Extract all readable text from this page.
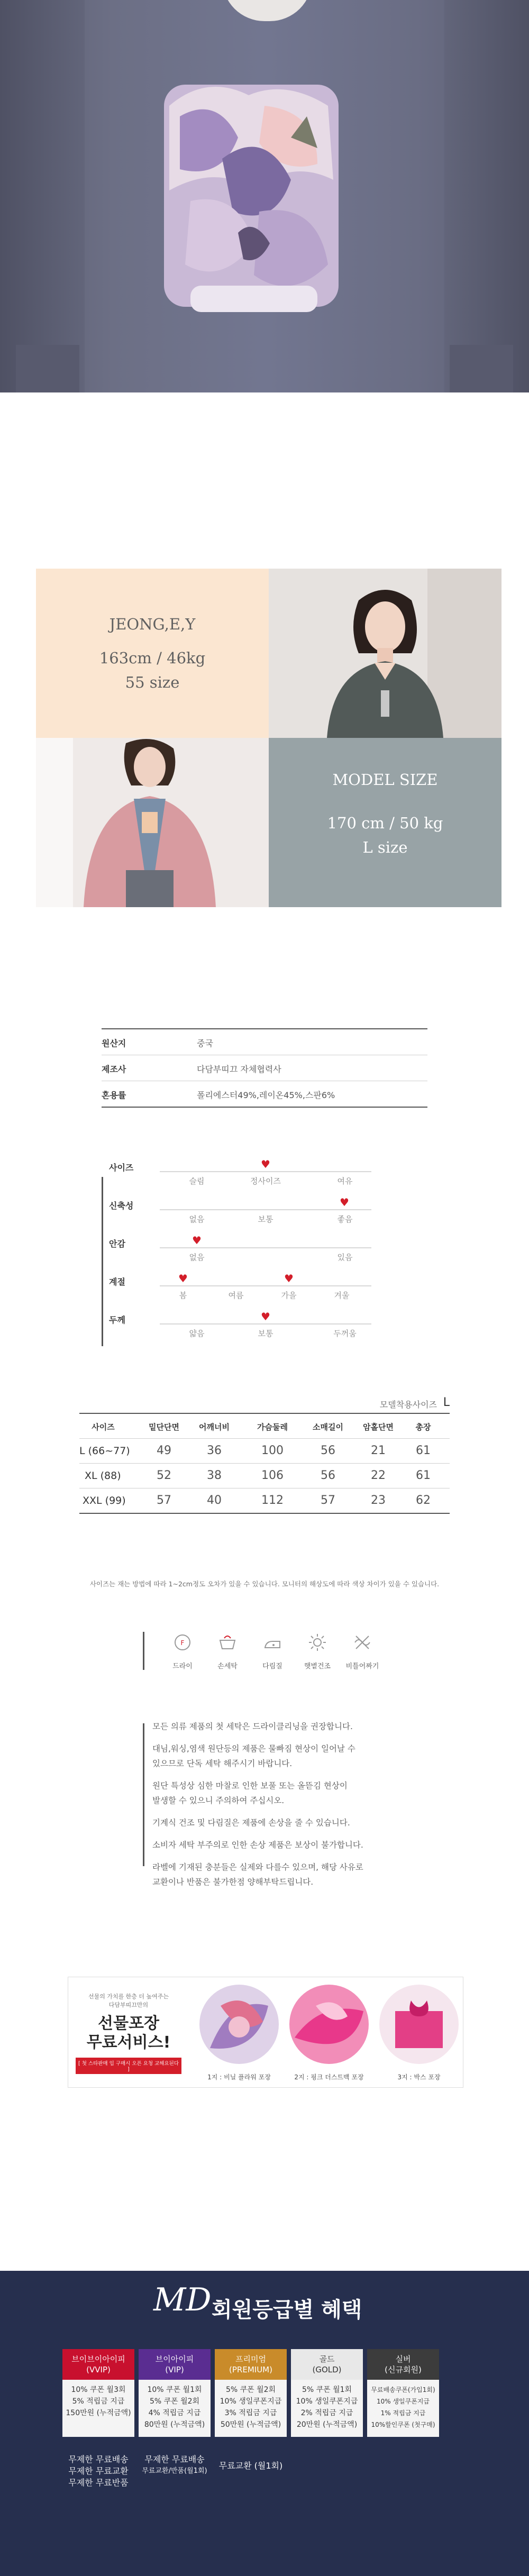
JEONG,E,Y
163cm / 46kg
55 size
MODEL SIZE
170 cm / 50 kg
L size
원산지	중국
제조사	다담부띠끄 자체협력사
혼용률	폴리에스터49%,레이온45%,스판6%
사이즈	♥
슬림	정사이즈	여유
신축성	♥
없음	보통	좋음
안감	♥
없음	있음
계절	♥	♥
봄	여름	가을	겨울
두께	♥
얇음	보통	두꺼움
모델착용사이즈 L
사이즈	밑단단면	어깨너비	가슴둘레	소매길이	암홀단면	총장
L (66~77)	49	36	100	56	21	61
XL (88)	52	38	106	56	22	61
XXL (99)	57	40	112	57	23	62
사이즈는 재는 방법에 따라 1~2cm정도 오차가 있을 수 있습니다. 모니터의 해상도에 따라 색상 차이가 있을 수 있습니다.
F
드라이	손세탁	다림질	햇볕건조	비틀어짜기
모든 의류 제품의 첫 세탁은 드라이클리닝을 권장합니다.
대님,워싱,염색 원단등의 제품은 물빠짐 현상이 일어날 수
있으므로 단독 세탁 해주시기 바랍니다.
원단 특성상 심한 마찰로 인한 보풀 또는 올뜯김 현상이
발생할 수 있으니 주의하여 주십시오.
기계식 건조 및 다림질은 제품에 손상을 줄 수 있습니다.
소비자 세탁 부주의로 인한 손상 제품은 보상이 불가합니다.
라벨에 기재된 충분들은 실제와 다를수 있으며, 해당 사유로
교환이나 반품은 불가한점 양해부탁드립니다.
선물의 가치를 한층 더 높여주는
다담부띠끄만의
선물포장
무료서비스!
[ 첫 스타판매 입 구매시 오픈 요청 교해요된다 ]
1지 : 비닐 플라워 포장	2지 : 핑크 더스트백 포장	3지 : 박스 포장
MD 회원등급별 혜택
브이브이아이피
(VVIP)
10% 쿠폰 월3회
5% 적립금 지급
150만원 (누적금액)
브이아이피
(VIP)
10% 쿠폰 월1회
5% 쿠폰 월2회
4% 적립금 지급
80만원 (누적금액)
프리미엄
(PREMIUM)
5% 쿠폰 월2회
10% 생일쿠폰지급
3% 적립금 지급
50만원 (누적금액)
골드
(GOLD)
5% 쿠폰 월1회
10% 생일쿠폰지급
2% 적립금 지급
20만원 (누적금액)
실버
(신규회원)
무료배송쿠폰(가입1회)
10% 생일쿠폰지급
1% 적립금 지급
10%할인쿠폰 (첫구매)
무제한 무료배송
무제한 무료교환
무제한 무료반품
무제한 무료배송
무료교환/반품(월1회)
무료교환 (월1회)
